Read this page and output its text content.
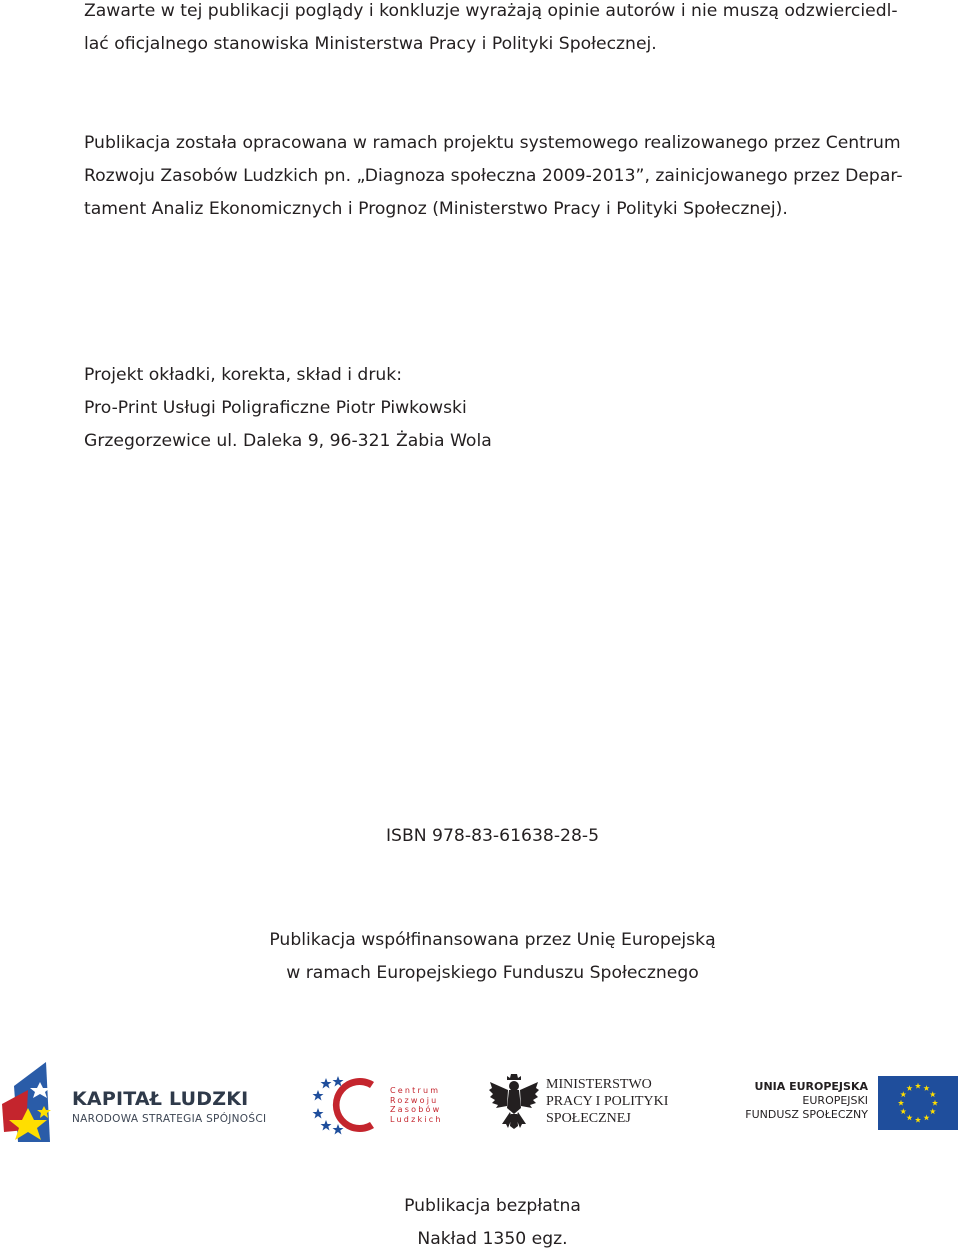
Zawarte w tej publikacji poglądy i konkluzje wyrażają opinie autorów i nie muszą odzwierciedl-
lać oficjalnego stanowiska Ministerstwa Pracy i Polityki Społecznej.
Publikacja została opracowana w ramach projektu systemowego realizowanego przez Centrum
Rozwoju Zasobów Ludzkich pn. „Diagnoza społeczna 2009-2013”, zainicjowanego przez Depar-
tament Analiz Ekonomicznych i Prognoz (Ministerstwo Pracy i Polityki Społecznej).
Projekt okładki, korekta, skład i druk:
Pro-Print Usługi Poligraficzne Piotr Piwkowski
Grzegorzewice ul. Daleka 9, 96-321 Żabia Wola
ISBN 978-83-61638-28-5
Publikacja współfinansowana przez Unię Europejską
w ramach Europejskiego Funduszu Społecznego
KAPITAŁ LUDZKI
NARODOWA STRATEGIA SPÓJNOŚCI
Centrum
Rozwoju
Zasobów
Ludzkich
MINISTERSTWO
PRACY I POLITYKI
SPOŁECZNEJ
UNIA EUROPEJSKA
EUROPEJSKI
FUNDUSZ SPOŁECZNY
Publikacja bezpłatna
Nakład 1350 egz.
